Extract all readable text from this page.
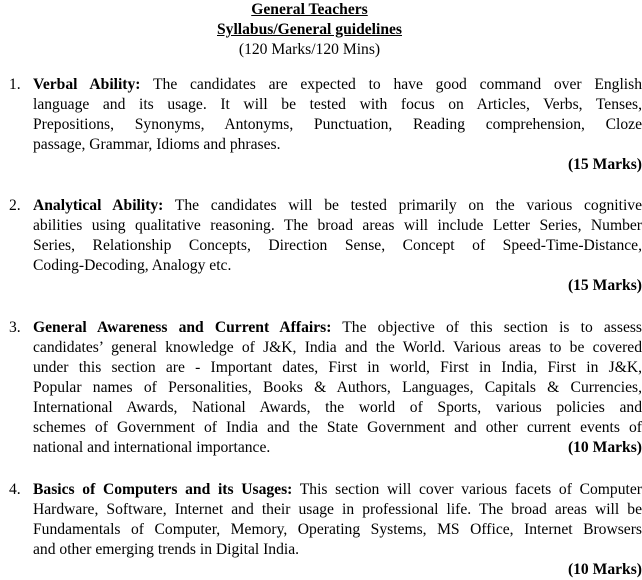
General Teachers
Syllabus/General guidelines
(120 Marks/120 Mins)
1. Verbal Ability: The candidates are expected to have good command over English
language and its usage. It will be tested with focus on Articles, Verbs, Tenses,
Prepositions, Synonyms, Antonyms, Punctuation, Reading comprehension, Cloze
passage, Grammar, Idioms and phrases.
(15 Marks)
2. Analytical Ability: The candidates will be tested primarily on the various cognitive
abilities using qualitative reasoning. The broad areas will include Letter Series, Number
Series, Relationship Concepts, Direction Sense, Concept of Speed-Time-Distance,
Coding-Decoding, Analogy etc.
(15 Marks)
3. General Awareness and Current Affairs: The objective of this section is to assess
candidates’ general knowledge of J&K, India and the World. Various areas to be covered
under this section are - Important dates, First in world, First in India, First in J&K,
Popular names of Personalities, Books & Authors, Languages, Capitals & Currencies,
International Awards, National Awards, the world of Sports, various policies and
schemes of Government of India and the State Government and other current events of
national and international importance.	(10 Marks)
4. Basics of Computers and its Usages: This section will cover various facets of Computer
Hardware, Software, Internet and their usage in professional life. The broad areas will be
Fundamentals of Computer, Memory, Operating Systems, MS Office, Internet Browsers
and other emerging trends in Digital India.
(10 Marks)
